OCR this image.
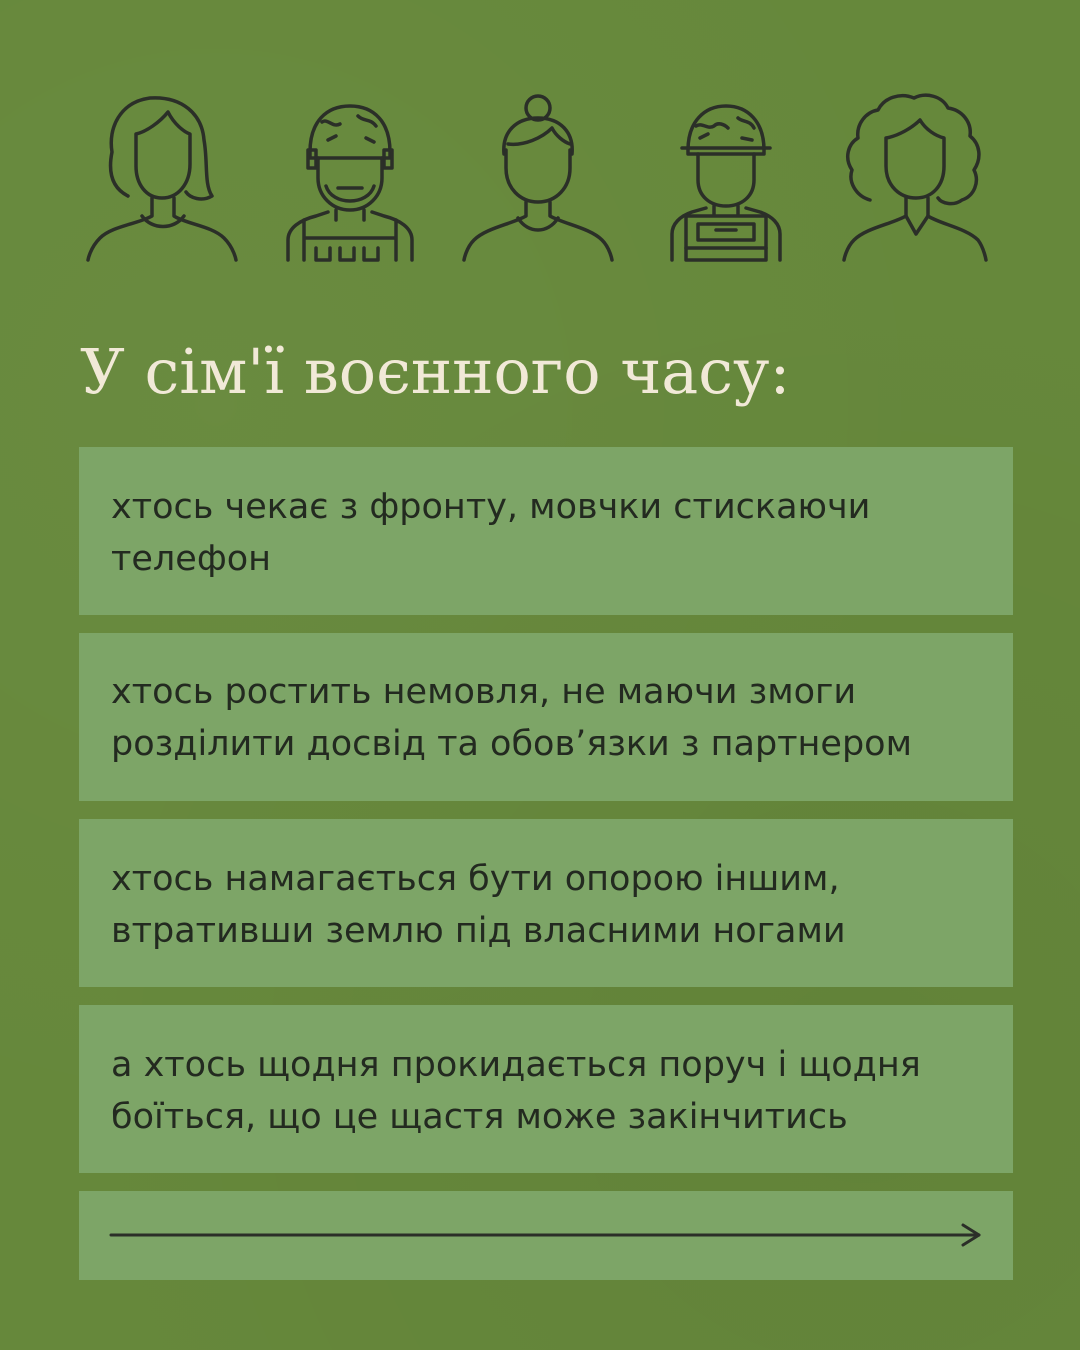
У сім'ї воєнного часу:

хтось чекає з фронту, мовчки стискаючи телефон

хтось ростить немовля, не маючи змоги розділити досвід та обов’язки з партнером

хтось намагається бути опорою іншим, втративши землю під власними ногами

а хтось щодня прокидається поруч і щодня боїться, що це щастя може закінчитись
